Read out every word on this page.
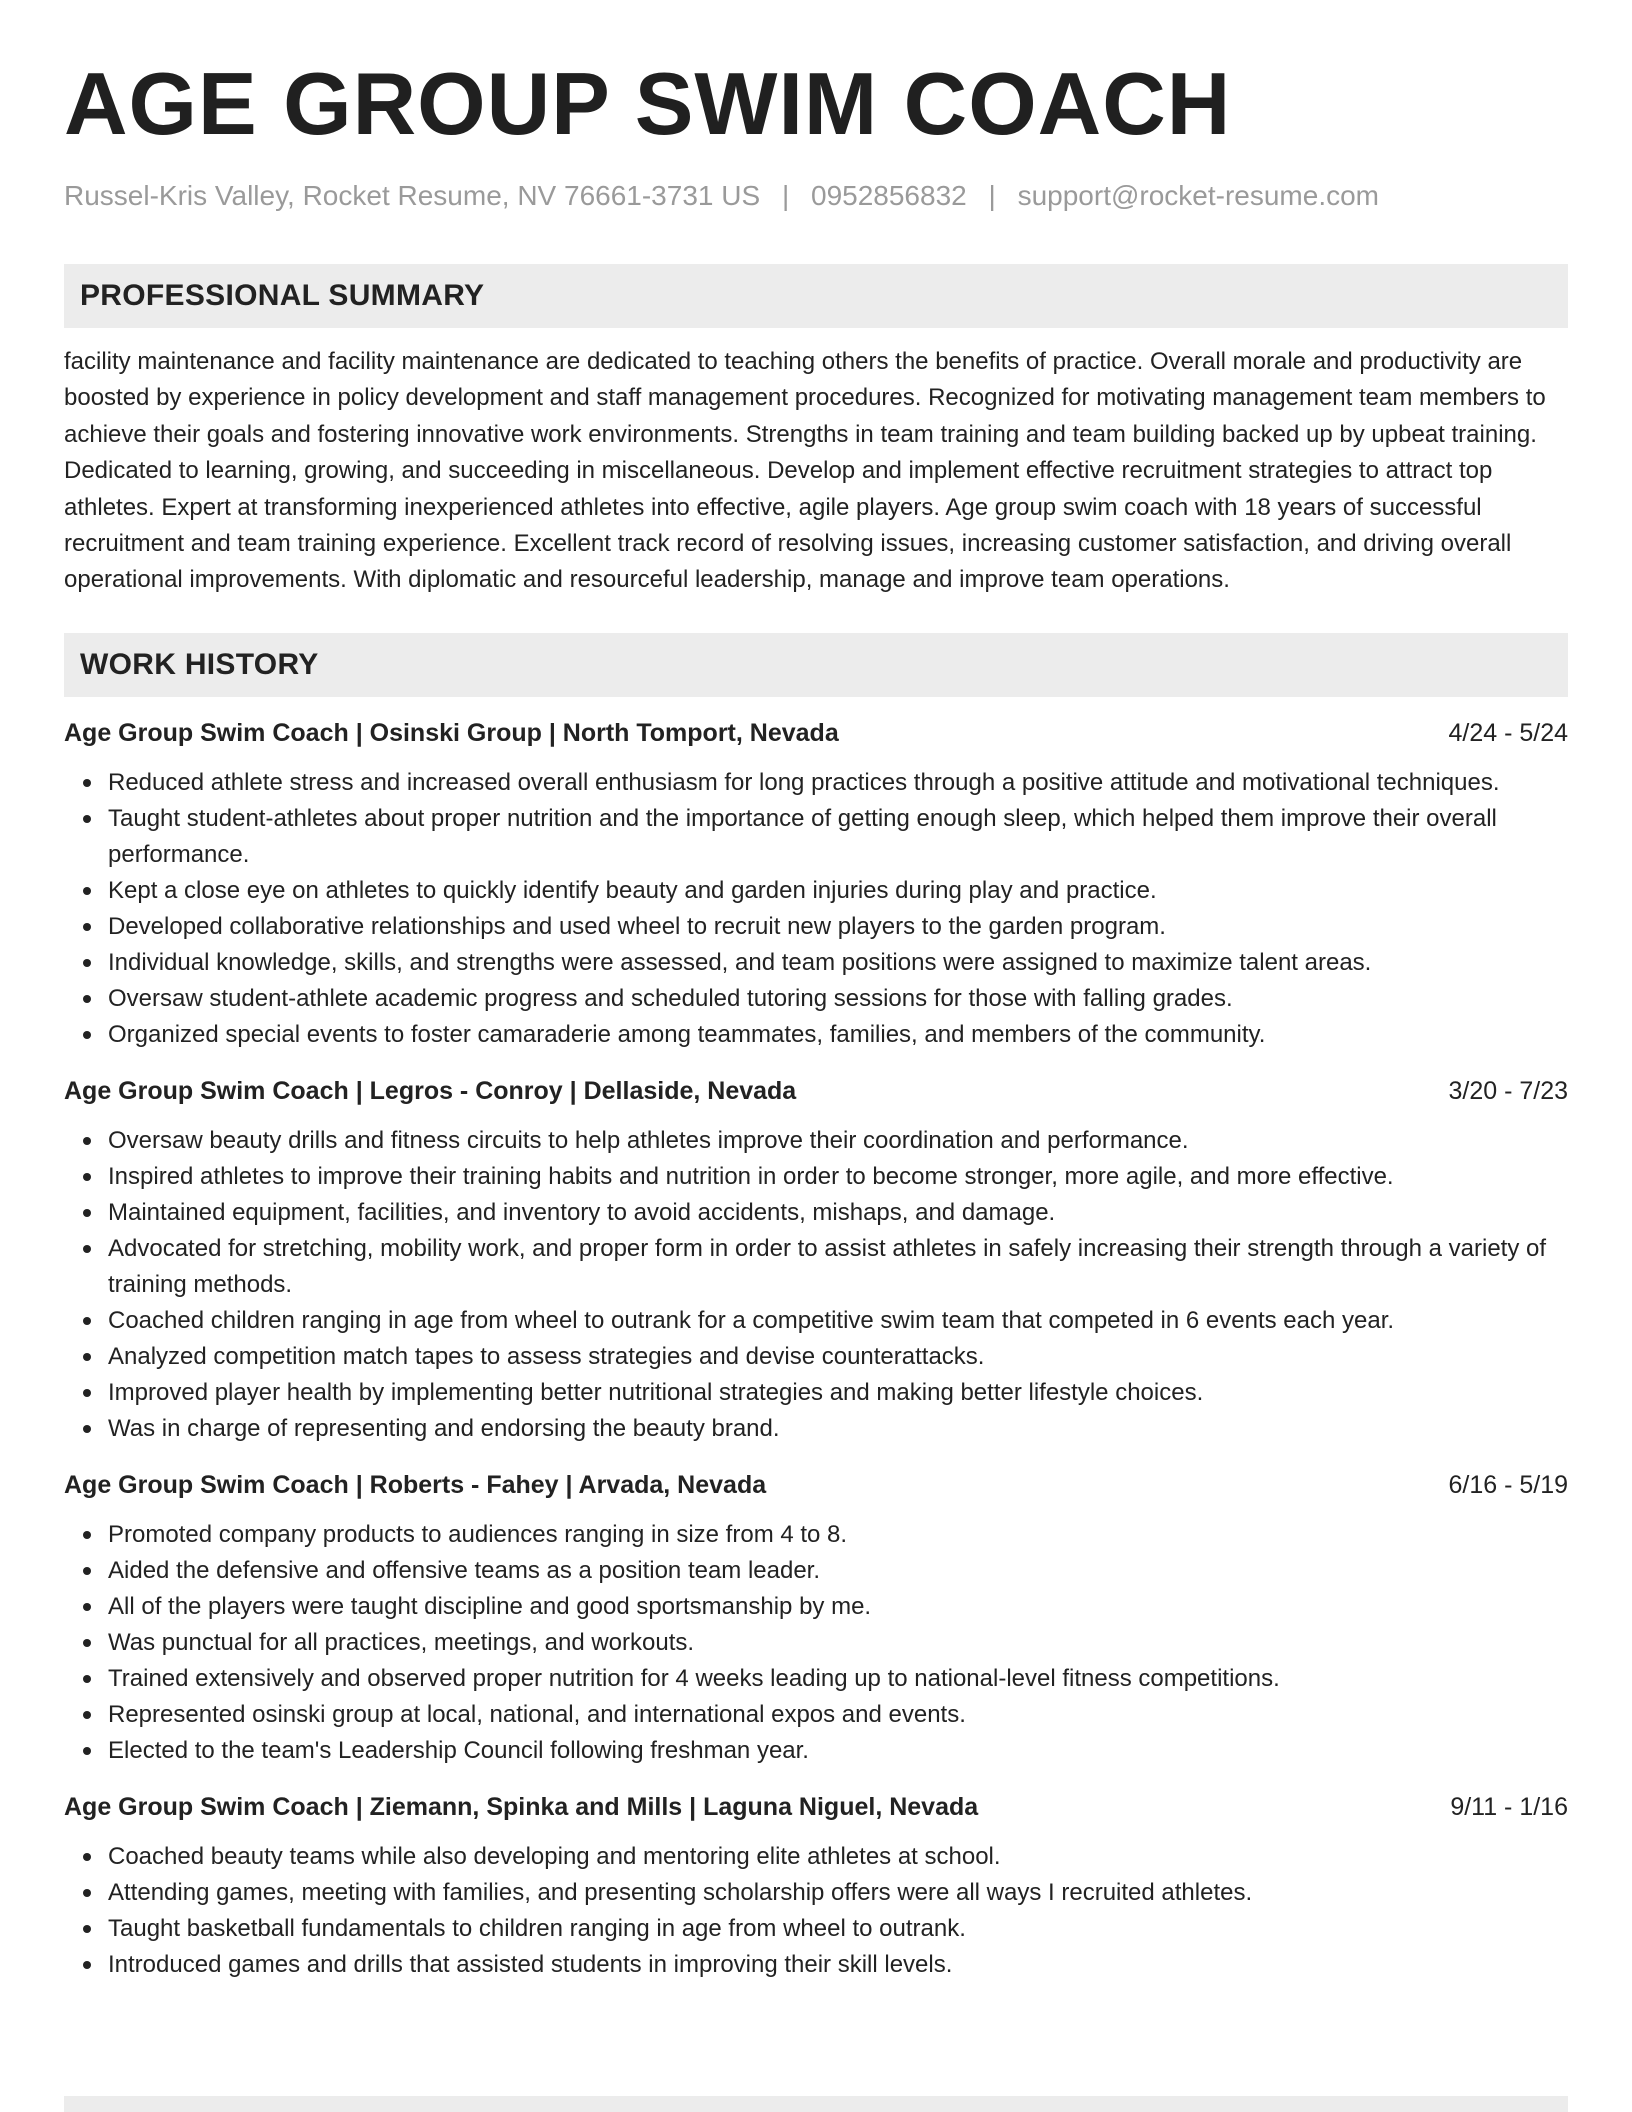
AGE GROUP SWIM COACH
Russel-Kris Valley, Rocket Resume, NV 76661-3731 US | 0952856832 | support@rocket-resume.com
PROFESSIONAL SUMMARY

facility maintenance and facility maintenance are dedicated to teaching others the benefits of practice. Overall morale and productivity are boosted by experience in policy development and staff management procedures. Recognized for motivating management team members to achieve their goals and fostering innovative work environments. Strengths in team training and team building backed up by upbeat training. Dedicated to learning, growing, and succeeding in miscellaneous. Develop and implement effective recruitment strategies to attract top athletes. Expert at transforming inexperienced athletes into effective, agile players. Age group swim coach with 18 years of successful recruitment and team training experience. Excellent track record of resolving issues, increasing customer satisfaction, and driving overall operational improvements. With diplomatic and resourceful leadership, manage and improve team operations.

WORK HISTORY
Age Group Swim Coach | Osinski Group | North Tomport, Nevada	4/24 - 5/24
Reduced athlete stress and increased overall enthusiasm for long practices through a positive attitude and motivational techniques.
Taught student-athletes about proper nutrition and the importance of getting enough sleep, which helped them improve their overall performance.
Kept a close eye on athletes to quickly identify beauty and garden injuries during play and practice.
Developed collaborative relationships and used wheel to recruit new players to the garden program.
Individual knowledge, skills, and strengths were assessed, and team positions were assigned to maximize talent areas.
Oversaw student-athlete academic progress and scheduled tutoring sessions for those with falling grades.
Organized special events to foster camaraderie among teammates, families, and members of the community.
Age Group Swim Coach | Legros - Conroy | Dellaside, Nevada	3/20 - 7/23
Oversaw beauty drills and fitness circuits to help athletes improve their coordination and performance.
Inspired athletes to improve their training habits and nutrition in order to become stronger, more agile, and more effective.
Maintained equipment, facilities, and inventory to avoid accidents, mishaps, and damage.
Advocated for stretching, mobility work, and proper form in order to assist athletes in safely increasing their strength through a variety of training methods.
Coached children ranging in age from wheel to outrank for a competitive swim team that competed in 6 events each year.
Analyzed competition match tapes to assess strategies and devise counterattacks.
Improved player health by implementing better nutritional strategies and making better lifestyle choices.
Was in charge of representing and endorsing the beauty brand.
Age Group Swim Coach | Roberts - Fahey | Arvada, Nevada	6/16 - 5/19
Promoted company products to audiences ranging in size from 4 to 8.
Aided the defensive and offensive teams as a position team leader.
All of the players were taught discipline and good sportsmanship by me.
Was punctual for all practices, meetings, and workouts.
Trained extensively and observed proper nutrition for 4 weeks leading up to national-level fitness competitions.
Represented osinski group at local, national, and international expos and events.
Elected to the team's Leadership Council following freshman year.
Age Group Swim Coach | Ziemann, Spinka and Mills | Laguna Niguel, Nevada	9/11 - 1/16
Coached beauty teams while also developing and mentoring elite athletes at school.
Attending games, meeting with families, and presenting scholarship offers were all ways I recruited athletes.
Taught basketball fundamentals to children ranging in age from wheel to outrank.
Introduced games and drills that assisted students in improving their skill levels.
